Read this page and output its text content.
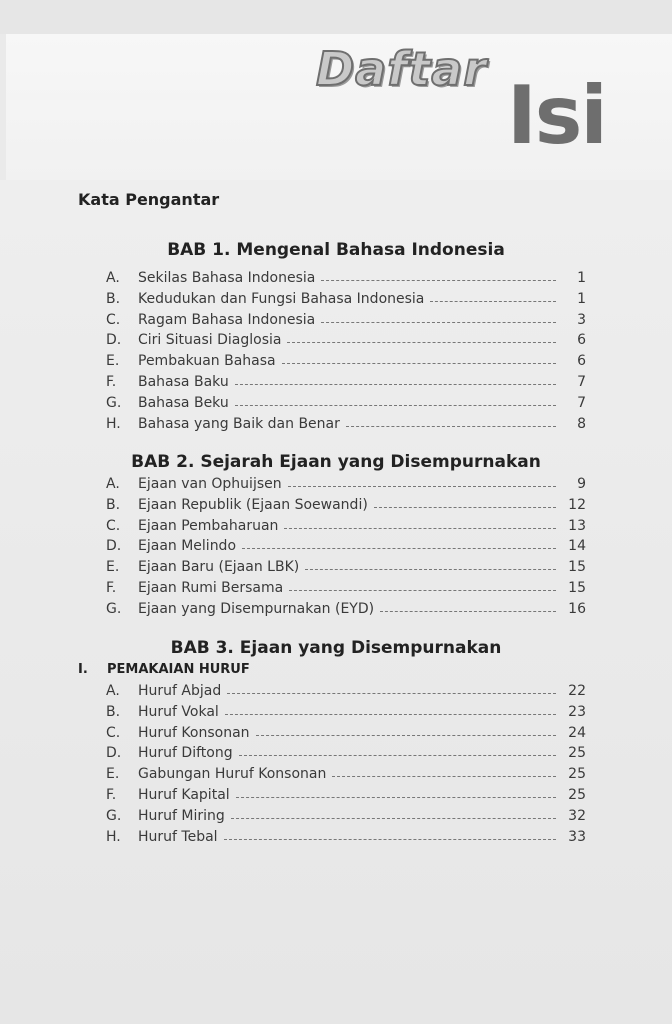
Daftar Isi
Kata Pengantar
BAB 1. Mengenal Bahasa Indonesia
A.	Sekilas Bahasa Indonesia	1
B.	Kedudukan dan Fungsi Bahasa Indonesia	1
C.	Ragam Bahasa Indonesia	3
D.	Ciri Situasi Diaglosia	6
E.	Pembakuan Bahasa	6
F.	Bahasa Baku	7
G.	Bahasa Beku	7
H.	Bahasa yang Baik dan Benar	8
BAB 2. Sejarah Ejaan yang Disempurnakan
A.	Ejaan van Ophuijsen	9
B.	Ejaan Republik (Ejaan Soewandi)	12
C.	Ejaan Pembaharuan	13
D.	Ejaan Melindo	14
E.	Ejaan Baru (Ejaan LBK)	15
F.	Ejaan Rumi Bersama	15
G.	Ejaan yang Disempurnakan (EYD)	16
BAB 3. Ejaan yang Disempurnakan
I. PEMAKAIAN HURUF
A.	Huruf Abjad	22
B.	Huruf Vokal	23
C.	Huruf Konsonan	24
D.	Huruf Diftong	25
E.	Gabungan Huruf Konsonan	25
F.	Huruf Kapital	25
G.	Huruf Miring	32
H.	Huruf Tebal	33
